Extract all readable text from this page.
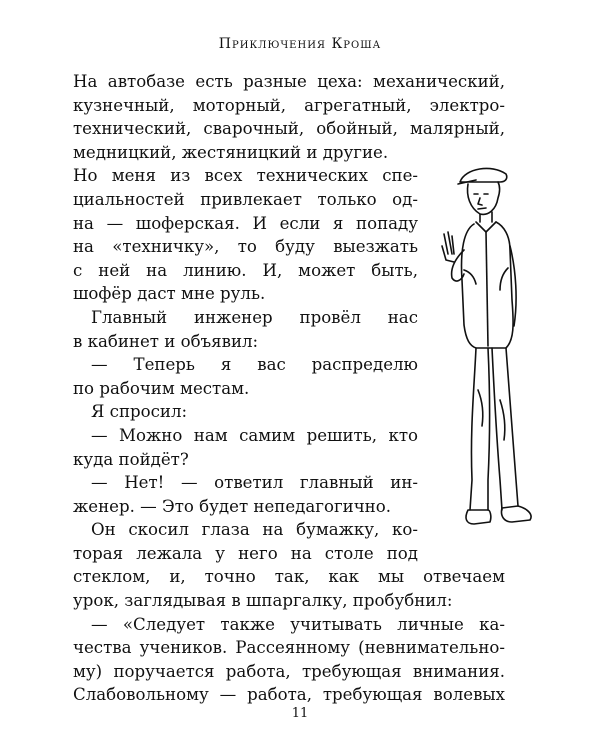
Приключения Кроша
На автобазе есть разные цеха: механический,
кузнечный, моторный, агрегатный, электро-
технический, сварочный, обойный, малярный,
медницкий, жестяницкий и другие.
Но меня из всех технических спе-
циальностей привлекает только од-
на — шоферская. И если я попаду
на «техничку», то буду выезжать
с ней на линию. И, может быть,
шофёр даст мне руль.
Главный инженер провёл нас
в кабинет и объявил:
— Теперь я вас распределю
по рабочим местам.
Я спросил:
— Можно нам самим решить, кто
куда пойдёт?
— Нет! — ответил главный ин-
женер. — Это будет непедагогично.
Он скосил глаза на бумажку, ко-
торая лежала у него на столе под
стеклом, и, точно так, как мы отвечаем
урок, заглядывая в шпаргалку, пробубнил:
— «Следует также учитывать личные ка-
чества учеников. Рассеянному (невнимательно-
му) поручается работа, требующая внимания.
Слабовольному — работа, требующая волевых
11
